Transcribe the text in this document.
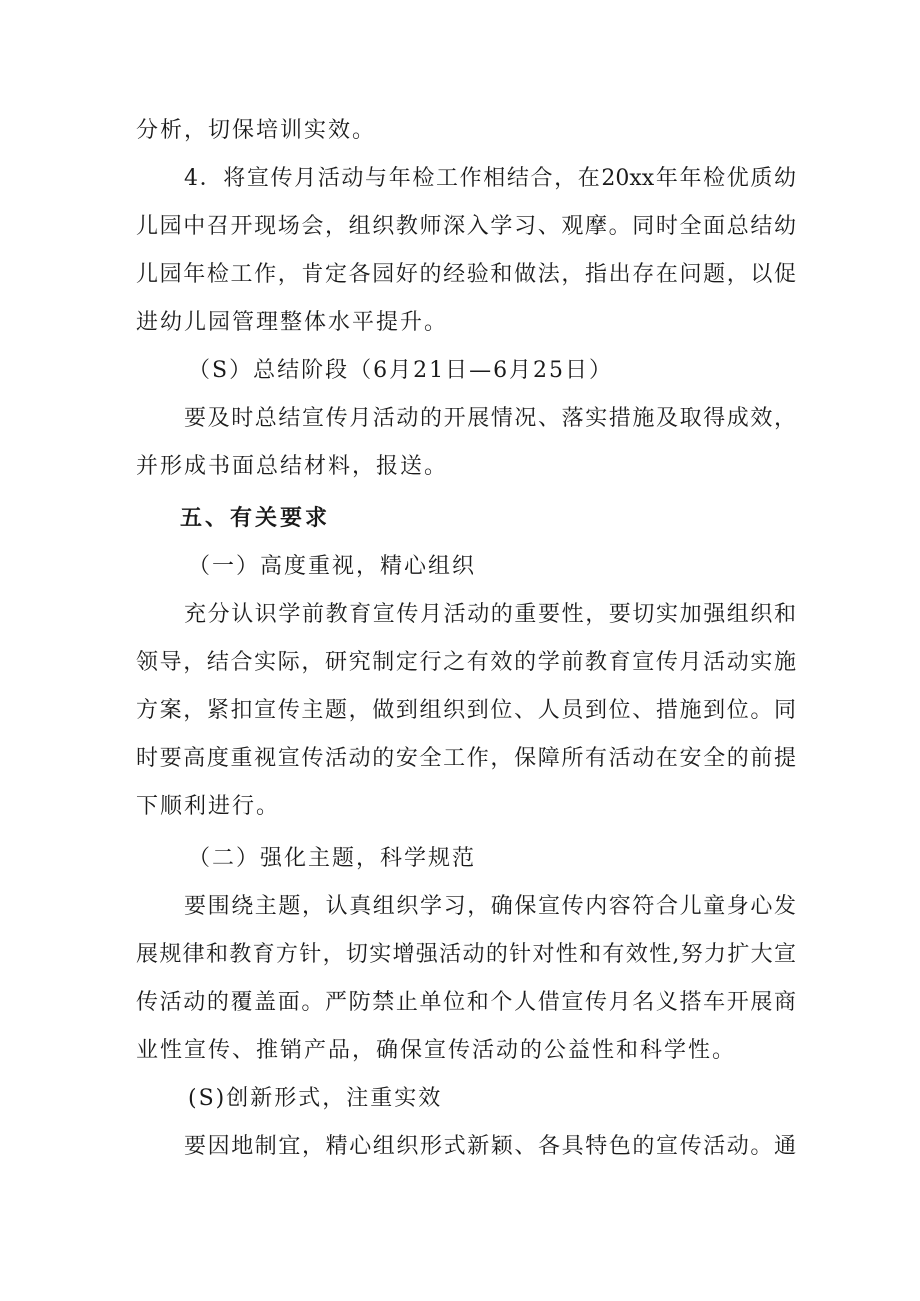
分析，切保培训实效。
4．将宣传月活动与年检工作相结合，在20xx年年检优质幼
儿园中召开现场会，组织教师深入学习、观摩。同时全面总结幼
儿园年检工作，肯定各园好的经验和做法，指出存在问题，以促
进幼儿园管理整体水平提升。
（S）总结阶段（6月21日—6月25日）
要及时总结宣传月活动的开展情况、落实措施及取得成效，
并形成书面总结材料，报送。
五、有关要求
（一）高度重视，精心组织
充分认识学前教育宣传月活动的重要性，要切实加强组织和
领导，结合实际，研究制定行之有效的学前教育宣传月活动实施
方案，紧扣宣传主题，做到组织到位、人员到位、措施到位。同
时要高度重视宣传活动的安全工作，保障所有活动在安全的前提
下顺利进行。
（二）强化主题，科学规范
要围绕主题，认真组织学习，确保宣传内容符合儿童身心发
展规律和教育方针，切实增强活动的针对性和有效性,努力扩大宣
传活动的覆盖面。严防禁止单位和个人借宣传月名义搭车开展商
业性宣传、推销产品，确保宣传活动的公益性和科学性。
(S)创新形式，注重实效
要因地制宜，精心组织形式新颖、各具特色的宣传活动。通
